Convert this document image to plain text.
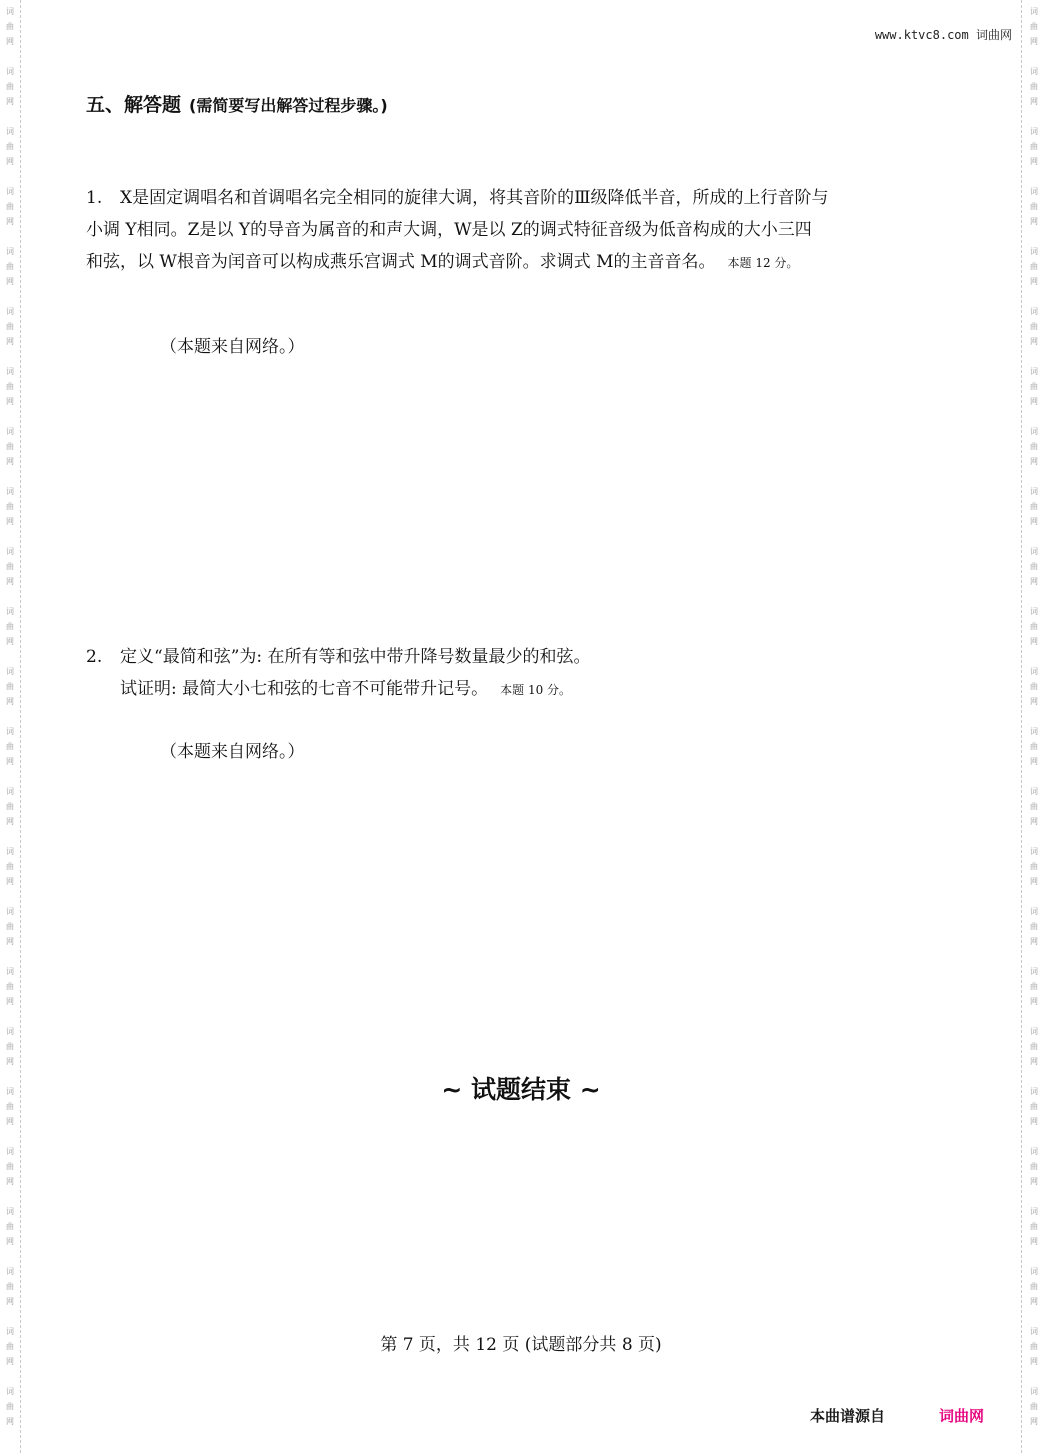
词曲网
词曲网
词曲网
词曲网
词曲网
词曲网
词曲网
词曲网
词曲网
词曲网
词曲网
词曲网
词曲网
词曲网
词曲网
词曲网
词曲网
词曲网
词曲网
词曲网
词曲网
词曲网
词曲网
词曲网
词曲网
词曲网
词曲网
词曲网
词曲网
词曲网
词曲网
词曲网
词曲网
词曲网
词曲网
词曲网
词曲网
词曲网
词曲网
词曲网
词曲网
词曲网
词曲网
词曲网
词曲网
词曲网
词曲网
词曲网
www.ktvc8.com 词曲网
五、解答题 (需简要写出解答过程步骤。)
1. X是固定调唱名和首调唱名完全相同的旋律大调，将其音阶的Ⅲ级降低半音，所成的上行音阶与
小调 Y相同。Z是以 Y的导音为属音的和声大调，W是以 Z的调式特征音级为低音构成的大小三四
和弦，以 W根音为闰音可以构成燕乐宫调式 M的调式音阶。求调式 M的主音音名。 本题 12 分。
（本题来自网络。）
2. 定义“最简和弦”为: 在所有等和弦中带升降号数量最少的和弦。
试证明: 最简大小七和弦的七音不可能带升记号。 本题 10 分。
（本题来自网络。）
~ 试题结束 ~
第 7 页，共 12 页 (试题部分共 8 页)
本曲谱源自	词曲网
